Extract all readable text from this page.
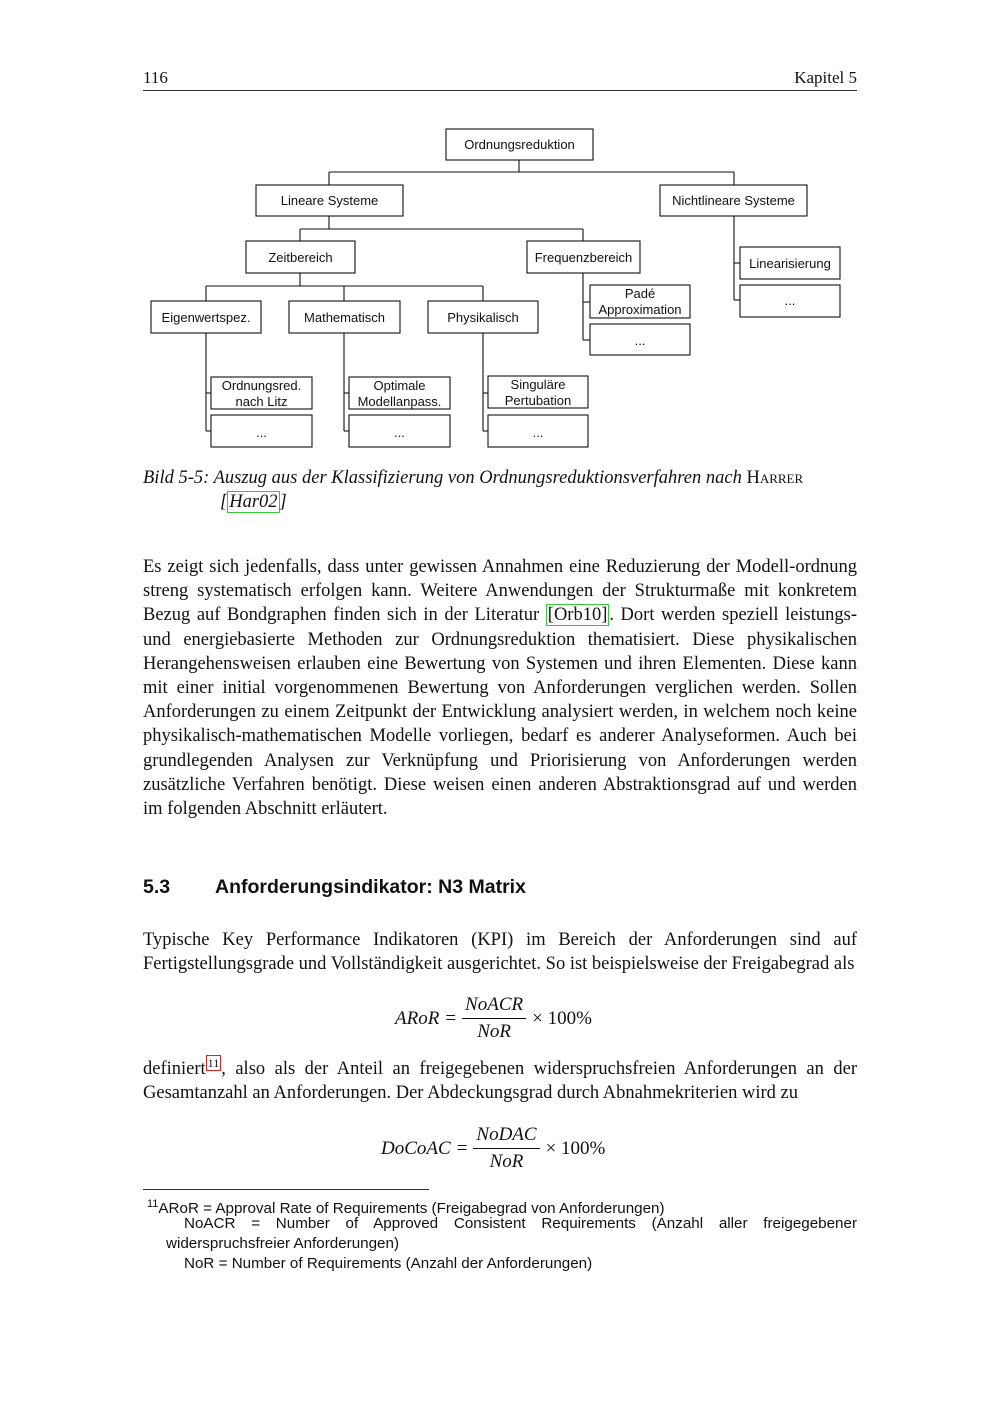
116	Kapitel 5
Ordnungsreduktion
Lineare Systeme	Nichtlineare Systeme
Zeitbereich	Frequenzbereich	Linearisierung
...
Padé
Approximation
...
Eigenwertspez.	Mathematisch	Physikalisch
Ordnungsred.
nach Litz
...
Optimale
Modellanpass.
...
Singuläre
Pertubation
...
Bild 5-5: Auszug aus der Klassifizierung von Ordnungsreduktionsverfahren nach Harrer
[ Har02 ]

Es zeigt sich jedenfalls, dass unter gewissen Annahmen eine Reduzierung der Modell-ordnung streng systematisch erfolgen kann. Weitere Anwendungen der Strukturmaße mit konkretem Bezug auf Bondgraphen finden sich in der Literatur [Orb10] . Dort werden speziell leistungs- und energiebasierte Methoden zur Ordnungsreduktion thematisiert. Diese physikalischen Herangehensweisen erlauben eine Bewertung von Systemen und ihren Elementen. Diese kann mit einer initial vorgenommenen Bewertung von Anforderungen verglichen werden. Sollen Anforderungen zu einem Zeitpunkt der Entwicklung analysiert werden, in welchem noch keine physikalisch-mathematischen Modelle vorliegen, bedarf es anderer Analyseformen. Auch bei grundlegenden Analysen zur Verknüpfung und Priorisierung von Anforderungen werden zusätzliche Verfahren benötigt. Diese weisen einen anderen Abstraktionsgrad auf und werden im folgenden Abschnitt erläutert.

5.3 Anforderungsindikator: N3 Matrix

Typische Key Performance Indikatoren (KPI) im Bereich der Anforderungen sind auf Fertigstellungsgrade und Vollständigkeit ausgerichtet. So ist beispielsweise der Freigabegrad als

ARoR = $\frac{\text{NoACR}}{\text{NoR}} \times 100\%$

definiert $^{11}$ , also als der Anteil an freigegebenen widerspruchsfreien Anforderungen an der Gesamtanzahl an Anforderungen. Der Abdeckungsgrad durch Abnahmekriterien wird zu

DoCoAC = $\frac{\text{NoDAC}}{\text{NoR}} \times 100\%$
$^{11}$ARoR = Approval Rate of Requirements (Freigabegrad von Anforderungen)
NoACR = Number of Approved Consistent Requirements (Anzahl aller freigegebener widerspruchsfreier Anforderungen)
NoR = Number of Requirements (Anzahl der Anforderungen)
